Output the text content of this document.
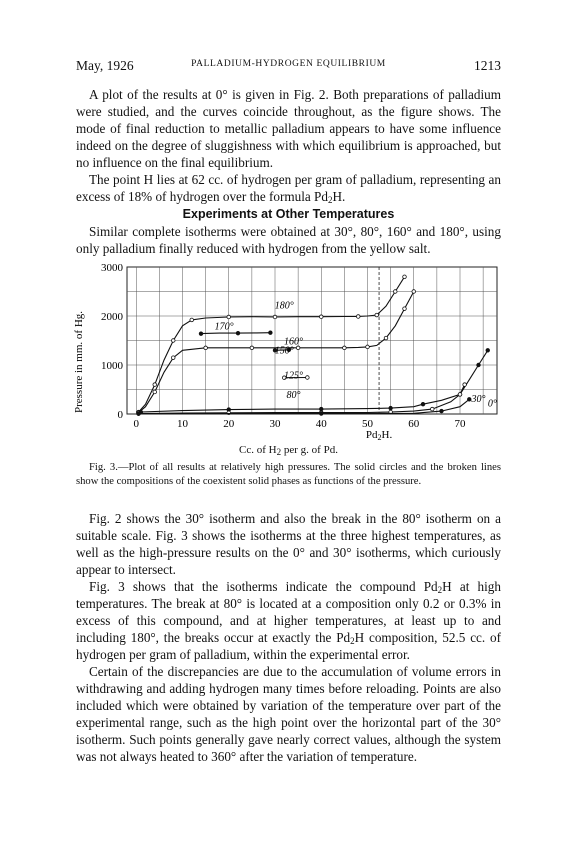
May, 1926	PALLADIUM-HYDROGEN EQUILIBRIUM	1213

A plot of the results at 0° is given in Fig. 2. Both preparations of palladium were studied, and the curves coincide throughout, as the figure shows. The mode of final reduction to metallic palladium appears to have some influence indeed on the degree of sluggishness with which equilibrium is approached, but no influence on the final equilibrium.

The point H lies at 62 cc. of hydrogen per gram of palladium, representing an excess of 18% of hydrogen over the formula $Pd_2H$.

Experiments at Other Temperatures

Similar complete isotherms were obtained at 30°, 80°, 160° and 180°, using only palladium finally reduced with hydrogen from the yellow salt.

0	10	20	30	40	50	60	70
0
1000
2000
3000
180°
170°
160°
150°
125°
80°	30° 0°
Pressure in mm. of Hg.
Pd2H.
Cc. of $H_2$ per g. of Pd.
Fig. 3.—Plot of all results at relatively high pressures. The solid circles and the broken lines show the compositions of the coexistent solid phases as functions of the pressure.

Fig. 2 shows the 30° isotherm and also the break in the 80° isotherm on a suitable scale. Fig. 3 shows the isotherms at the three highest temperatures, as well as the high-pressure results on the 0° and 30° isotherms, which curiously appear to intersect.

Fig. 3 shows that the isotherms indicate the compound $Pd_2H$ at high temperatures. The break at 80° is located at a composition only 0.2 or 0.3% in excess of this compound, and at higher temperatures, at least up to and including 180°, the breaks occur at exactly the $Pd_2H$ composition, 52.5 cc. of hydrogen per gram of palladium, within the experimental error.

Certain of the discrepancies are due to the accumulation of volume errors in withdrawing and adding hydrogen many times before reloading. Points are also included which were obtained by variation of the temperature over part of the experimental range, such as the high point over the horizontal part of the 30° isotherm. Such points generally gave nearly correct values, although the system was not always heated to 360° after the variation of temperature.
